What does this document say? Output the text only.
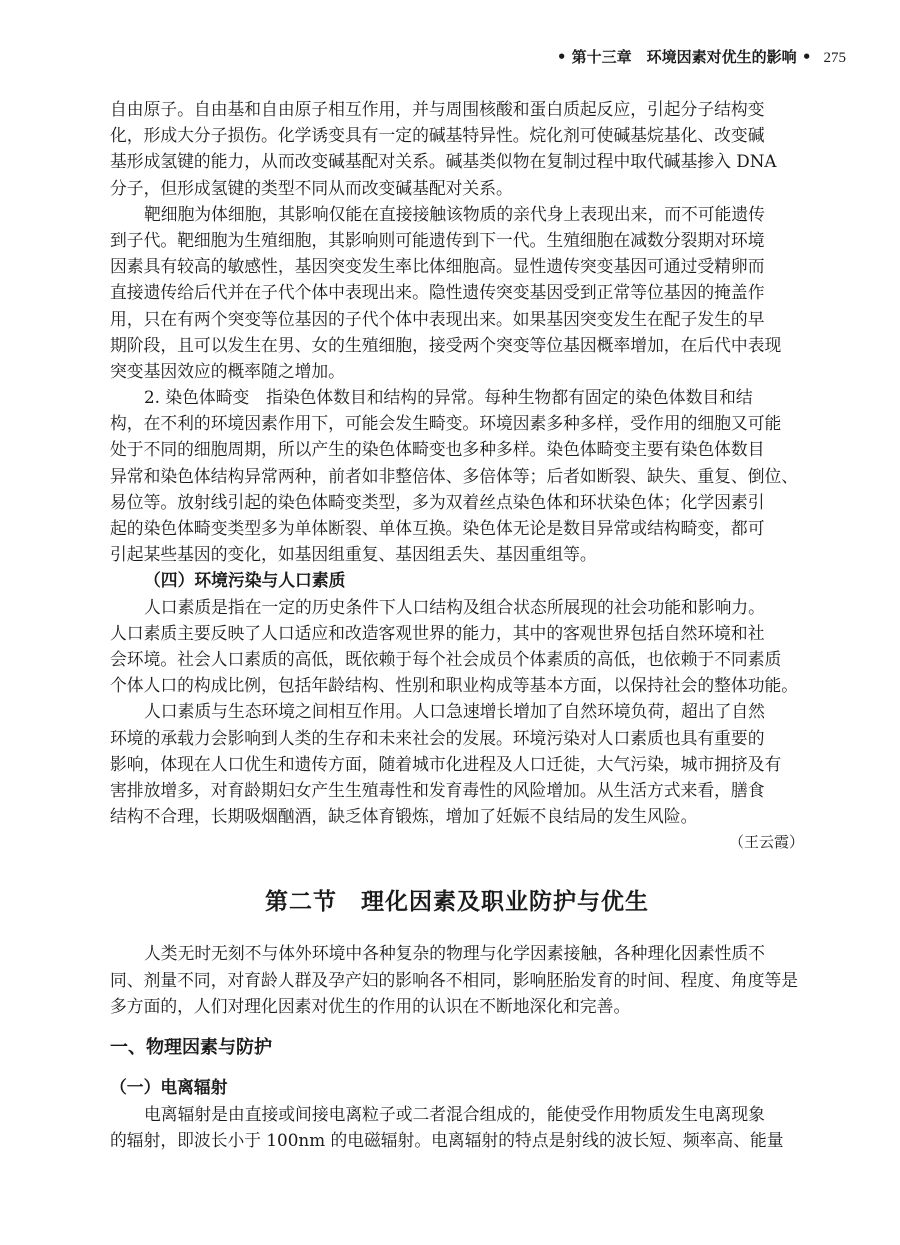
• 第十三章　环境因素对优生的影响 • 275
自由原子。自由基和自由原子相互作用，并与周围核酸和蛋白质起反应，引起分子结构变
化，形成大分子损伤。化学诱变具有一定的碱基特异性。烷化剂可使碱基烷基化、改变碱
基形成氢键的能力，从而改变碱基配对关系。碱基类似物在复制过程中取代碱基掺入 DNA
分子，但形成氢键的类型不同从而改变碱基配对关系。
靶细胞为体细胞，其影响仅能在直接接触该物质的亲代身上表现出来，而不可能遗传
到子代。靶细胞为生殖细胞，其影响则可能遗传到下一代。生殖细胞在减数分裂期对环境
因素具有较高的敏感性，基因突变发生率比体细胞高。显性遗传突变基因可通过受精卵而
直接遗传给后代并在子代个体中表现出来。隐性遗传突变基因受到正常等位基因的掩盖作
用，只在有两个突变等位基因的子代个体中表现出来。如果基因突变发生在配子发生的早
期阶段，且可以发生在男、女的生殖细胞，接受两个突变等位基因概率增加，在后代中表现
突变基因效应的概率随之增加。
2. 染色体畸变　指染色体数目和结构的异常。每种生物都有固定的染色体数目和结
构，在不利的环境因素作用下，可能会发生畸变。环境因素多种多样，受作用的细胞又可能
处于不同的细胞周期，所以产生的染色体畸变也多种多样。染色体畸变主要有染色体数目
异常和染色体结构异常两种，前者如非整倍体、多倍体等；后者如断裂、缺失、重复、倒位、
易位等。放射线引起的染色体畸变类型，多为双着丝点染色体和环状染色体；化学因素引
起的染色体畸变类型多为单体断裂、单体互换。染色体无论是数目异常或结构畸变，都可
引起某些基因的变化，如基因组重复、基因组丢失、基因重组等。
（四）环境污染与人口素质
人口素质是指在一定的历史条件下人口结构及组合状态所展现的社会功能和影响力。
人口素质主要反映了人口适应和改造客观世界的能力，其中的客观世界包括自然环境和社
会环境。社会人口素质的高低，既依赖于每个社会成员个体素质的高低，也依赖于不同素质
个体人口的构成比例，包括年龄结构、性别和职业构成等基本方面，以保持社会的整体功能。
人口素质与生态环境之间相互作用。人口急速增长增加了自然环境负荷，超出了自然
环境的承载力会影响到人类的生存和未来社会的发展。环境污染对人口素质也具有重要的
影响，体现在人口优生和遗传方面，随着城市化进程及人口迁徙，大气污染，城市拥挤及有
害排放增多，对育龄期妇女产生生殖毒性和发育毒性的风险增加。从生活方式来看，膳食
结构不合理，长期吸烟酗酒，缺乏体育锻炼，增加了妊娠不良结局的发生风险。
（王云霞）
第二节　理化因素及职业防护与优生
人类无时无刻不与体外环境中各种复杂的物理与化学因素接触，各种理化因素性质不
同、剂量不同，对育龄人群及孕产妇的影响各不相同，影响胚胎发育的时间、程度、角度等是
多方面的，人们对理化因素对优生的作用的认识在不断地深化和完善。
一、物理因素与防护
（一）电离辐射
电离辐射是由直接或间接电离粒子或二者混合组成的，能使受作用物质发生电离现象
的辐射，即波长小于 100nm 的电磁辐射。电离辐射的特点是射线的波长短、频率高、能量
